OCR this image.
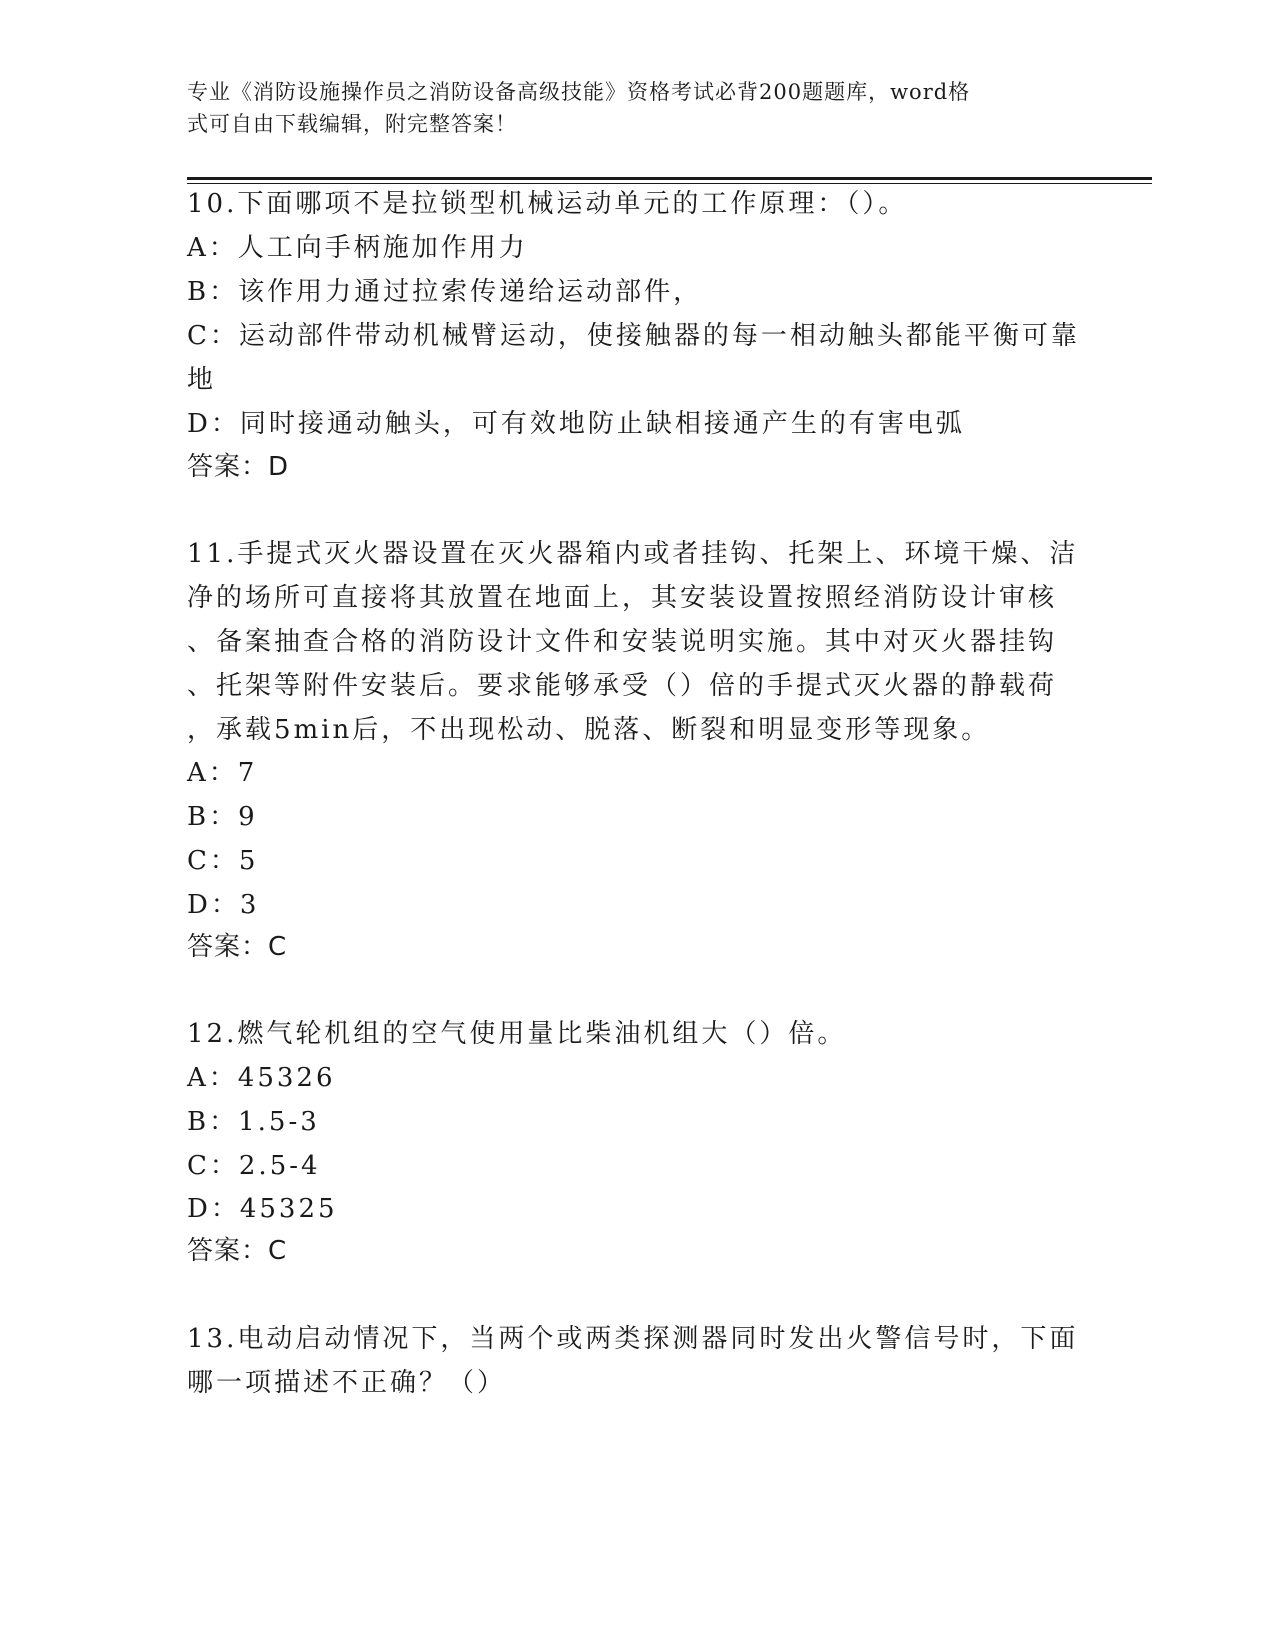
专业《消防设施操作员之消防设备高级技能》资格考试必背200题题库，word格
式可自由下载编辑，附完整答案！
10.下面哪项不是拉锁型机械运动单元的工作原理：（）。
A：人工向手柄施加作用力
B：该作用力通过拉索传递给运动部件，
C：运动部件带动机械臂运动，使接触器的每一相动触头都能平衡可靠
地
D：同时接通动触头，可有效地防止缺相接通产生的有害电弧
答案：D
11.手提式灭火器设置在灭火器箱内或者挂钩、托架上、环境干燥、洁
净的场所可直接将其放置在地面上，其安装设置按照经消防设计审核
、备案抽查合格的消防设计文件和安装说明实施。其中对灭火器挂钩
、托架等附件安装后。要求能够承受（）倍的手提式灭火器的静载荷
，承载5min后，不出现松动、脱落、断裂和明显变形等现象。
A：7
B：9
C：5
D：3
答案：C
12.燃气轮机组的空气使用量比柴油机组大（）倍。
A：45326
B：1.5-3
C：2.5-4
D：45325
答案：C
13.电动启动情况下，当两个或两类探测器同时发出火警信号时，下面
哪一项描述不正确？（）
